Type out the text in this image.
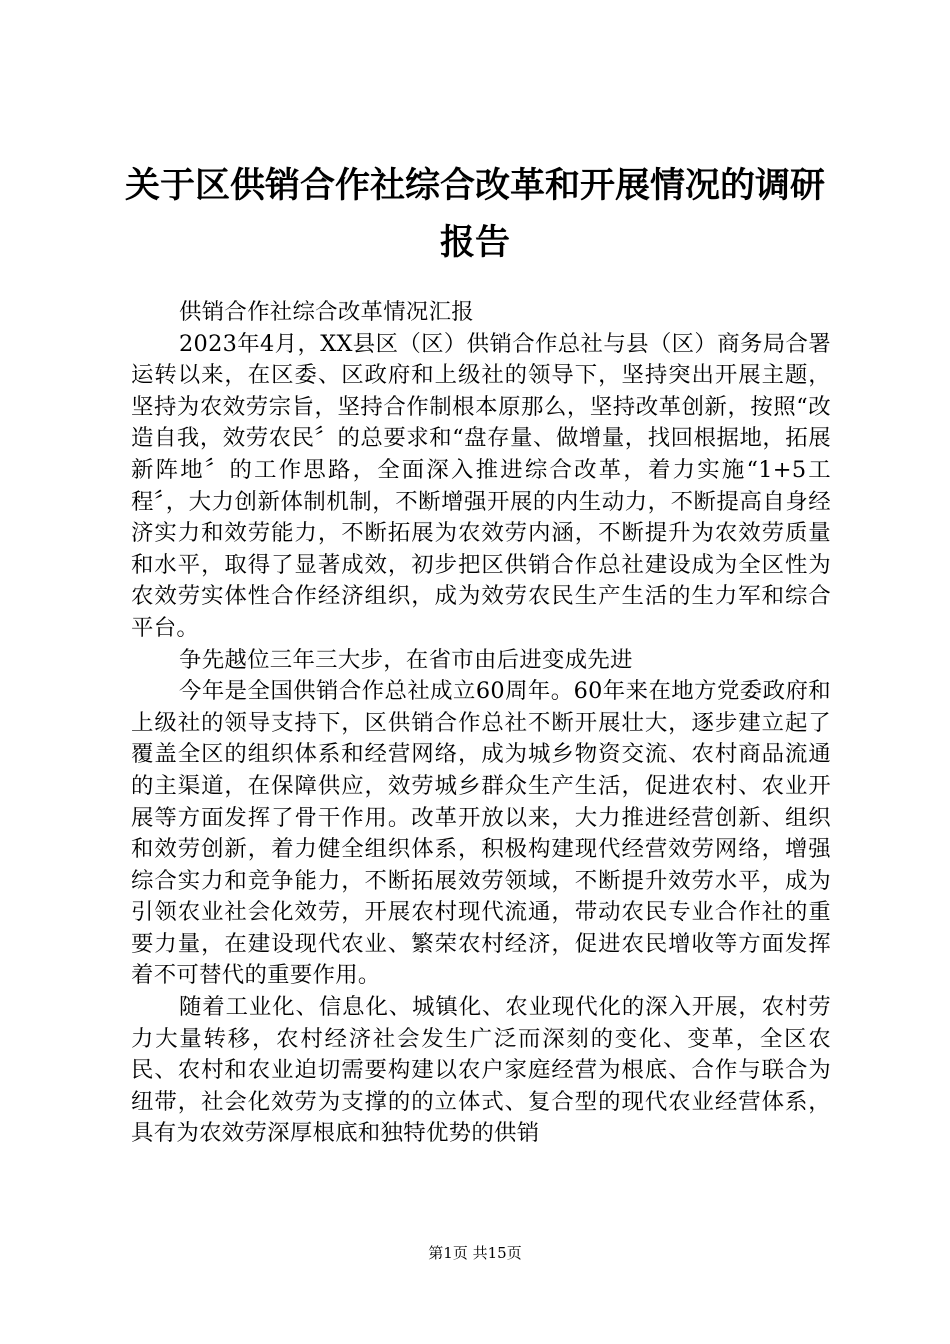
关于区供销合作社综合改革和开展情况的调研
报告

供销合作社综合改革情况汇报

2023年4月，XX县区（区）供销合作总社与县（区）商务局合署运转以来，在区委、区政府和上级社的领导下，坚持突出开展主题，坚持为农效劳宗旨，坚持合作制根本原那么，坚持改革创新，按照“改造自我，效劳农民〞的总要求和“盘存量、做增量，找回根据地，拓展新阵地〞的工作思路，全面深入推进综合改革，着力实施“1+5工程〞，大力创新体制机制，不断增强开展的内生动力，不断提高自身经济实力和效劳能力，不断拓展为农效劳内涵，不断提升为农效劳质量和水平，取得了显著成效，初步把区供销合作总社建设成为全区性为农效劳实体性合作经济组织，成为效劳农民生产生活的生力军和综合平台。

争先越位三年三大步，在省市由后进变成先进

今年是全国供销合作总社成立60周年。60年来在地方党委政府和上级社的领导支持下，区供销合作总社不断开展壮大，逐步建立起了覆盖全区的组织体系和经营网络，成为城乡物资交流、农村商品流通的主渠道，在保障供应，效劳城乡群众生产生活，促进农村、农业开展等方面发挥了骨干作用。改革开放以来，大力推进经营创新、组织和效劳创新，着力健全组织体系，积极构建现代经营效劳网络，增强综合实力和竞争能力，不断拓展效劳领域，不断提升效劳水平，成为引领农业社会化效劳，开展农村现代流通，带动农民专业合作社的重要力量，在建设现代农业、繁荣农村经济，促进农民增收等方面发挥着不可替代的重要作用。

随着工业化、信息化、城镇化、农业现代化的深入开展，农村劳力大量转移，农村经济社会发生广泛而深刻的变化、变革，全区农民、农村和农业迫切需要构建以农户家庭经营为根底、合作与联合为纽带，社会化效劳为支撑的的立体式、复合型的现代农业经营体系，具有为农效劳深厚根底和独特优势的供销

第1页 共15页
